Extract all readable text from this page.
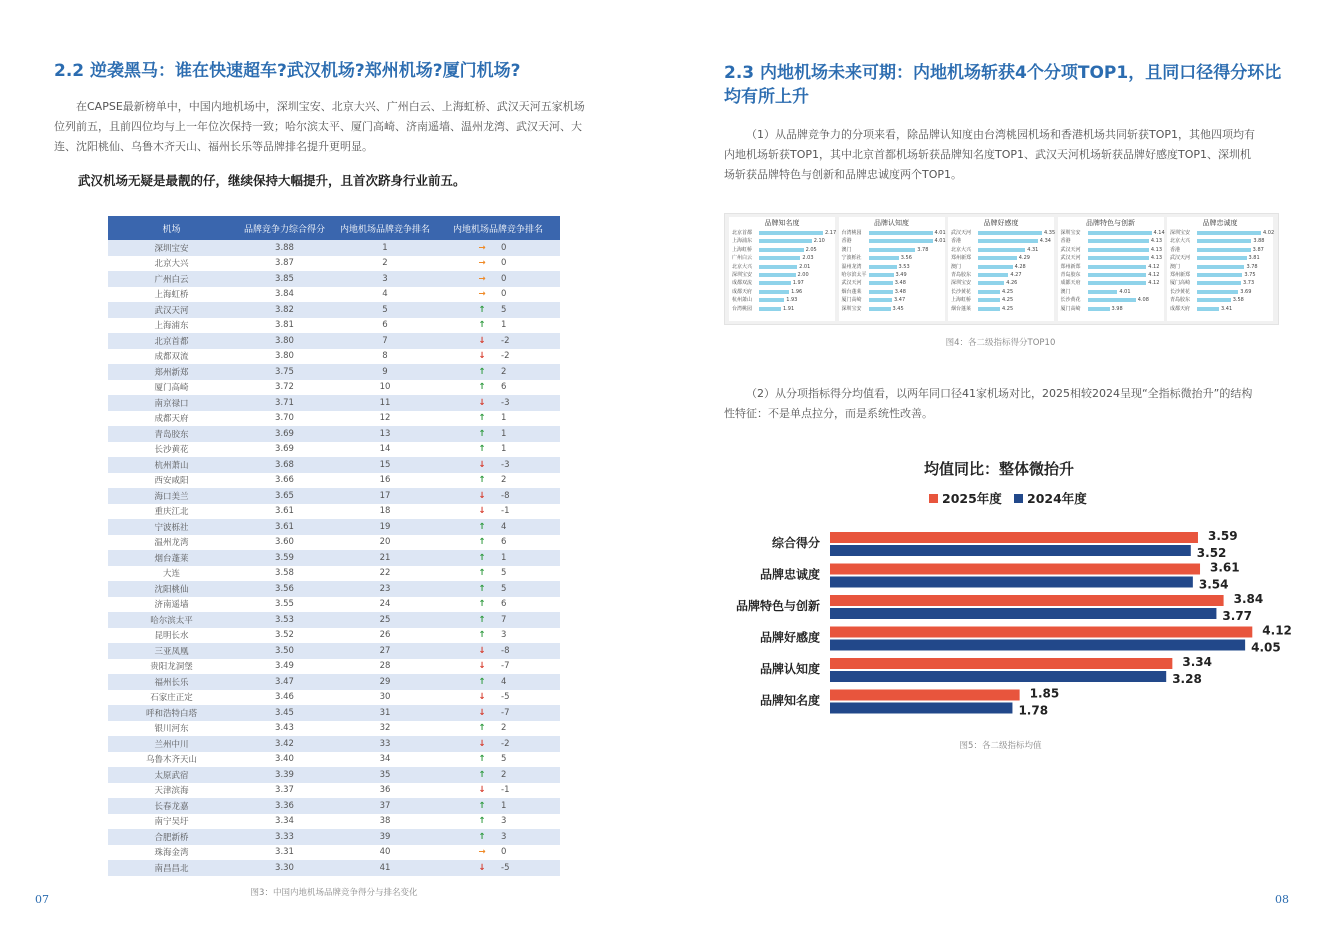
2.2 逆袭黑马：谁在快速超车?武汉机场?郑州机场?厦门机场?
在CAPSE最新榜单中，中国内地机场中，深圳宝安、北京大兴、广州白云、上海虹桥、武汉天河五家机场
位列前五，且前四位均与上一年位次保持一致；哈尔滨太平、厦门高崎、济南遥墙、温州龙湾、武汉天河、大
连、沈阳桃仙、乌鲁木齐天山、福州长乐等品牌排名提升更明显。
武汉机场无疑是最靓的仔，继续保持大幅提升，且首次跻身行业前五。
机场	品牌竞争力综合得分	内地机场品牌竞争排名	内地机场品牌竞争排名
深圳宝安	3.88	1	→ 0
北京大兴	3.87	2	→ 0
广州白云	3.85	3	→ 0
上海虹桥	3.84	4	→ 0
武汉天河	3.82	5	↑ 5
上海浦东	3.81	6	↑ 1
北京首都	3.80	7	↓ -2
成都双流	3.80	8	↓ -2
郑州新郑	3.75	9	↑ 2
厦门高崎	3.72	10	↑ 6
南京禄口	3.71	11	↓ -3
成都天府	3.70	12	↑ 1
青岛胶东	3.69	13	↑ 1
长沙黄花	3.69	14	↑ 1
杭州萧山	3.68	15	↓ -3
西安咸阳	3.66	16	↑ 2
海口美兰	3.65	17	↓ -8
重庆江北	3.61	18	↓ -1
宁波栎社	3.61	19	↑ 4
温州龙湾	3.60	20	↑ 6
烟台蓬莱	3.59	21	↑ 1
大连	3.58	22	↑ 5
沈阳桃仙	3.56	23	↑ 5
济南遥墙	3.55	24	↑ 6
哈尔滨太平	3.53	25	↑ 7
昆明长水	3.52	26	↑ 3
三亚凤凰	3.50	27	↓ -8
贵阳龙洞堡	3.49	28	↓ -7
福州长乐	3.47	29	↑ 4
石家庄正定	3.46	30	↓ -5
呼和浩特白塔	3.45	31	↓ -7
银川河东	3.43	32	↑ 2
兰州中川	3.42	33	↓ -2
乌鲁木齐天山	3.40	34	↑ 5
太原武宿	3.39	35	↑ 2
天津滨海	3.37	36	↓ -1
长春龙嘉	3.36	37	↑ 1
南宁吴圩	3.34	38	↑ 3
合肥新桥	3.33	39	↑ 3
珠海金湾	3.31	40	→ 0
南昌昌北	3.30	41	↓ -5
图3：中国内地机场品牌竞争得分与排名变化
07
2.3 内地机场未来可期：内地机场斩获4个分项TOP1，且同口径得分环比
均有所上升
（1）从品牌竞争力的分项来看，除品牌认知度由台湾桃园机场和香港机场共同斩获TOP1，其他四项均有
内地机场斩获TOP1，其中北京首都机场斩获品牌知名度TOP1、武汉天河机场斩获品牌好感度TOP1、深圳机
场斩获品牌特色与创新和品牌忠诚度两个TOP1。
品牌知名度
北京首都	2.17
上海浦东	2.10
上海虹桥	2.05
广州白云	2.03
北京大兴	2.01
深圳宝安	2.00
成都双流	1.97
成都天府	1.96
杭州萧山	1.93
台湾桃园	1.91
品牌认知度
台湾桃园	4.01
香港	4.01
澳门	3.78
宁波栎社	3.56
温州龙湾	3.53
哈尔滨太平	3.49
武汉天河	3.48
烟台蓬莱	3.48
厦门高崎	3.47
深圳宝安	3.45
品牌好感度
武汉天河	4.35
香港	4.34
北京大兴	4.31
郑州新郑	4.29
澳门	4.28
青岛胶东	4.27
深圳宝安	4.26
长沙黄花	4.25
上海虹桥	4.25
烟台蓬莱	4.25
品牌特色与创新
深圳宝安	4.14
香港	4.13
武汉天河	4.13
武汉天河	4.13
郑州新郑	4.12
青岛胶东	4.12
成都天府	4.12
澳门	4.01
长沙黄花	4.08
厦门高崎	3.98
品牌忠诚度
深圳宝安	4.02
北京大兴	3.88
香港	3.87
武汉天河	3.81
澳门	3.78
郑州新郑	3.75
厦门高崎	3.73
长沙黄花	3.69
青岛胶东	3.58
成都天府	3.41
图4：各二级指标得分TOP10
（2）从分项指标得分均值看，以两年同口径41家机场对比，2025相较2024呈现“全指标微抬升”的结构
性特征：不是单点拉分，而是系统性改善。
均值同比：整体微抬升
2025年度 2024年度
综合得分	3.59
3.52
品牌忠诚度	3.61
3.54
品牌特色与创新	3.84
3.77
品牌好感度	4.12
4.05
品牌认知度	3.34
3.28
品牌知名度	1.85
1.78
图5：各二级指标均值
08
